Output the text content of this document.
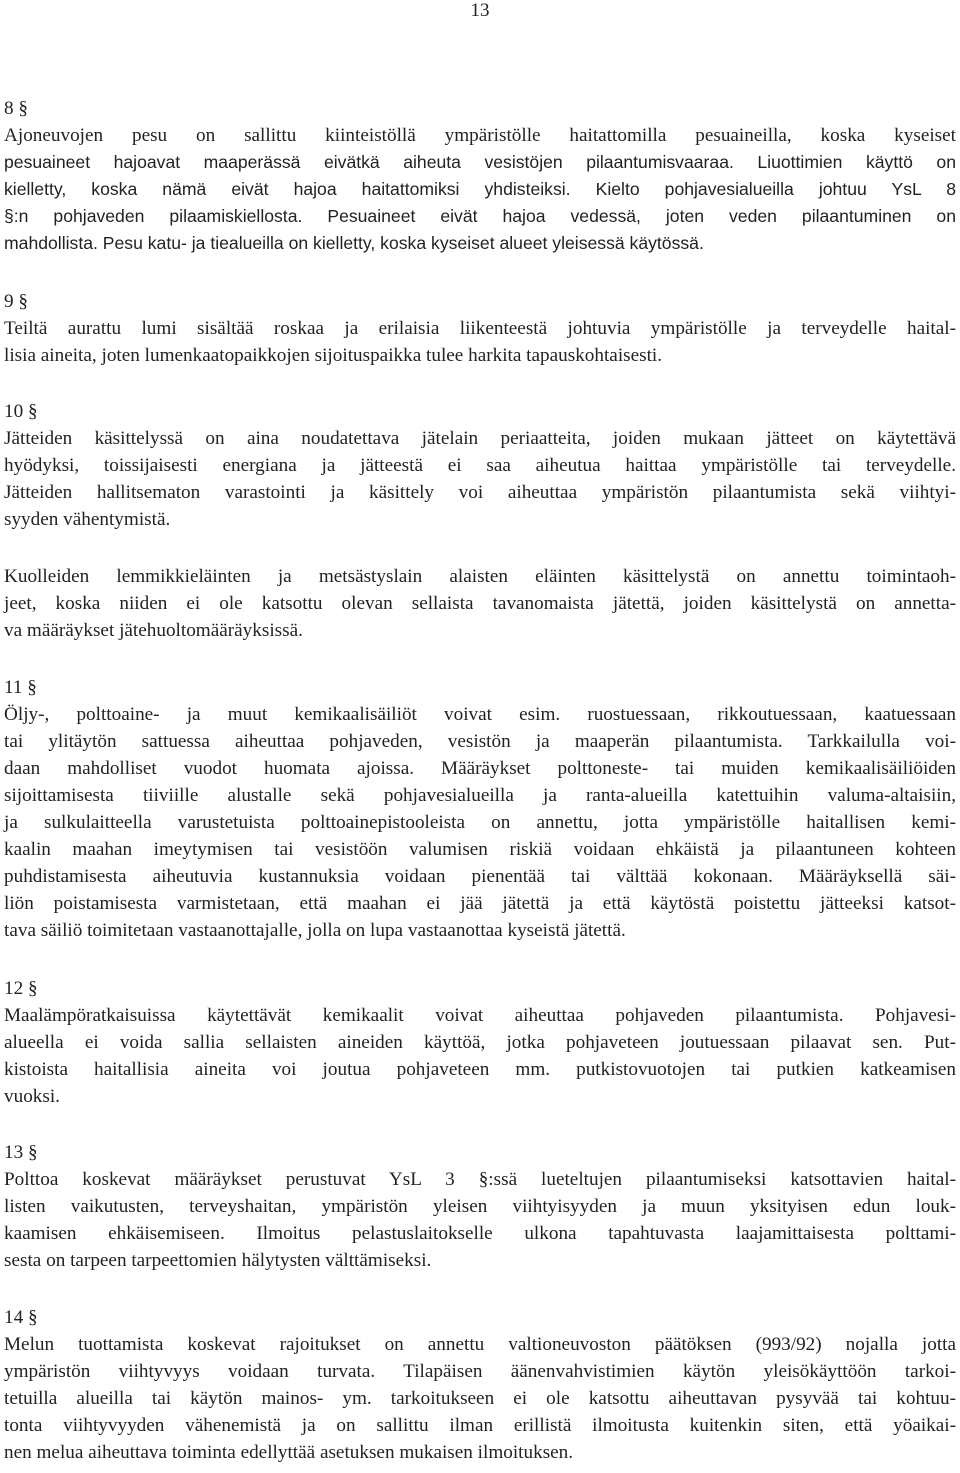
13
8 §
Ajoneuvojen pesu on sallittu kiinteistöllä ympäristölle haitattomilla pesuaineilla, koska kyseiset
pesuaineet hajoavat maaperässä eivätkä aiheuta vesistöjen pilaantumisvaaraa. Liuottimien käyttö on
kielletty, koska nämä eivät hajoa haitattomiksi yhdisteiksi. Kielto pohjavesialueilla johtuu YsL 8
§:n pohjaveden pilaamiskiellosta. Pesuaineet eivät hajoa vedessä, joten veden pilaantuminen on
mahdollista. Pesu katu- ja tiealueilla on kielletty, koska kyseiset alueet yleisessä käytössä.
9 §
Teiltä aurattu lumi sisältää roskaa ja erilaisia liikenteestä johtuvia ympäristölle ja terveydelle haital-
lisia aineita, joten lumenkaatopaikkojen sijoituspaikka tulee harkita tapauskohtaisesti.
10 §
Jätteiden käsittelyssä on aina noudatettava jätelain periaatteita, joiden mukaan jätteet on käytettävä
hyödyksi, toissijaisesti energiana ja jätteestä ei saa aiheutua haittaa ympäristölle tai terveydelle.
Jätteiden hallitsematon varastointi ja käsittely voi aiheuttaa ympäristön pilaantumista sekä viihtyi-
syyden vähentymistä.
Kuolleiden lemmikkieläinten ja metsästyslain alaisten eläinten käsittelystä on annettu toimintaoh-
jeet, koska niiden ei ole katsottu olevan sellaista tavanomaista jätettä, joiden käsittelystä on annetta-
va määräykset jätehuoltomääräyksissä.
11 §
Öljy-, polttoaine- ja muut kemikaalisäiliöt voivat esim. ruostuessaan, rikkoutuessaan, kaatuessaan
tai ylitäytön sattuessa aiheuttaa pohjaveden, vesistön ja maaperän pilaantumista. Tarkkailulla voi-
daan mahdolliset vuodot huomata ajoissa. Määräykset polttoneste- tai muiden kemikaalisäiliöiden
sijoittamisesta tiiviille alustalle sekä pohjavesialueilla ja ranta-alueilla katettuihin valuma-altaisiin,
ja sulkulaitteella varustetuista polttoainepistooleista on annettu, jotta ympäristölle haitallisen kemi-
kaalin maahan imeytymisen tai vesistöön valumisen riskiä voidaan ehkäistä ja pilaantuneen kohteen
puhdistamisesta aiheutuvia kustannuksia voidaan pienentää tai välttää kokonaan. Määräyksellä säi-
liön poistamisesta varmistetaan, että maahan ei jää jätettä ja että käytöstä poistettu jätteeksi katsot-
tava säiliö toimitetaan vastaanottajalle, jolla on lupa vastaanottaa kyseistä jätettä.
12 §
Maalämpöratkaisuissa käytettävät kemikaalit voivat aiheuttaa pohjaveden pilaantumista. Pohjavesi-
alueella ei voida sallia sellaisten aineiden käyttöä, jotka pohjaveteen joutuessaan pilaavat sen. Put-
kistoista haitallisia aineita voi joutua pohjaveteen mm. putkistovuotojen tai putkien katkeamisen
vuoksi.
13 §
Polttoa koskevat määräykset perustuvat YsL 3 §:ssä lueteltujen pilaantumiseksi katsottavien haital-
listen vaikutusten, terveyshaitan, ympäristön yleisen viihtyisyyden ja muun yksityisen edun louk-
kaamisen ehkäisemiseen. Ilmoitus pelastuslaitokselle ulkona tapahtuvasta laajamittaisesta polttami-
sesta on tarpeen tarpeettomien hälytysten välttämiseksi.
14 §
Melun tuottamista koskevat rajoitukset on annettu valtioneuvoston päätöksen (993/92) nojalla jotta
ympäristön viihtyvyys voidaan turvata. Tilapäisen äänenvahvistimien käytön yleisökäyttöön tarkoi-
tetuilla alueilla tai käytön mainos- ym. tarkoitukseen ei ole katsottu aiheuttavan pysyvää tai kohtuu-
tonta viihtyvyyden vähenemistä ja on sallittu ilman erillistä ilmoitusta kuitenkin siten, että yöaikai-
nen melua aiheuttava toiminta edellyttää asetuksen mukaisen ilmoituksen.
